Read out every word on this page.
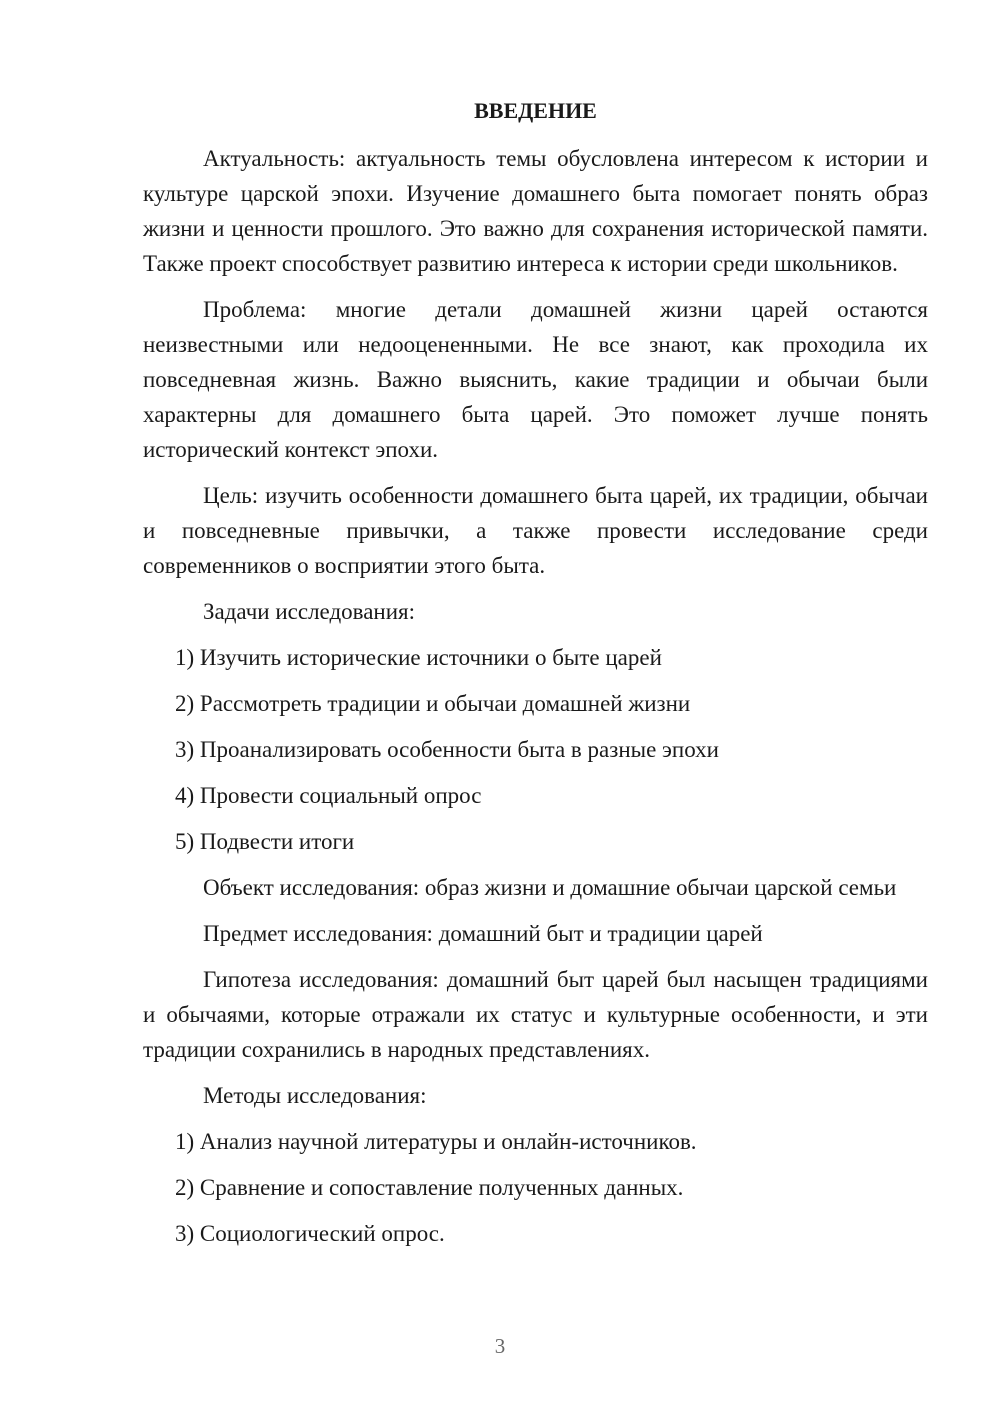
ВВЕДЕНИЕ
Актуальность: актуальность темы обусловлена интересом к истории и культуре царской эпохи. Изучение домашнего быта помогает понять образ жизни и ценности прошлого. Это важно для сохранения исторической памяти. Также проект способствует развитию интереса к истории среди школьников.
Проблема: многие детали домашней жизни царей остаются неизвестными или недооцененными. Не все знают, как проходила их повседневная жизнь. Важно выяснить, какие традиции и обычаи были характерны для домашнего быта царей. Это поможет лучше понять исторический контекст эпохи.
Цель: изучить особенности домашнего быта царей, их традиции, обычаи и повседневные привычки, а также провести исследование среди современников о восприятии этого быта.
Задачи исследования:
1) Изучить исторические источники о быте царей
2) Рассмотреть традиции и обычаи домашней жизни
3) Проанализировать особенности быта в разные эпохи
4) Провести социальный опрос
5) Подвести итоги
Объект исследования: образ жизни и домашние обычаи царской семьи
Предмет исследования: домашний быт и традиции царей
Гипотеза исследования: домашний быт царей был насыщен традициями и обычаями, которые отражали их статус и культурные особенности, и эти традиции сохранились в народных представлениях.
Методы исследования:
1) Анализ научной литературы и онлайн-источников.
2) Сравнение и сопоставление полученных данных.
3) Социологический опрос.
3
